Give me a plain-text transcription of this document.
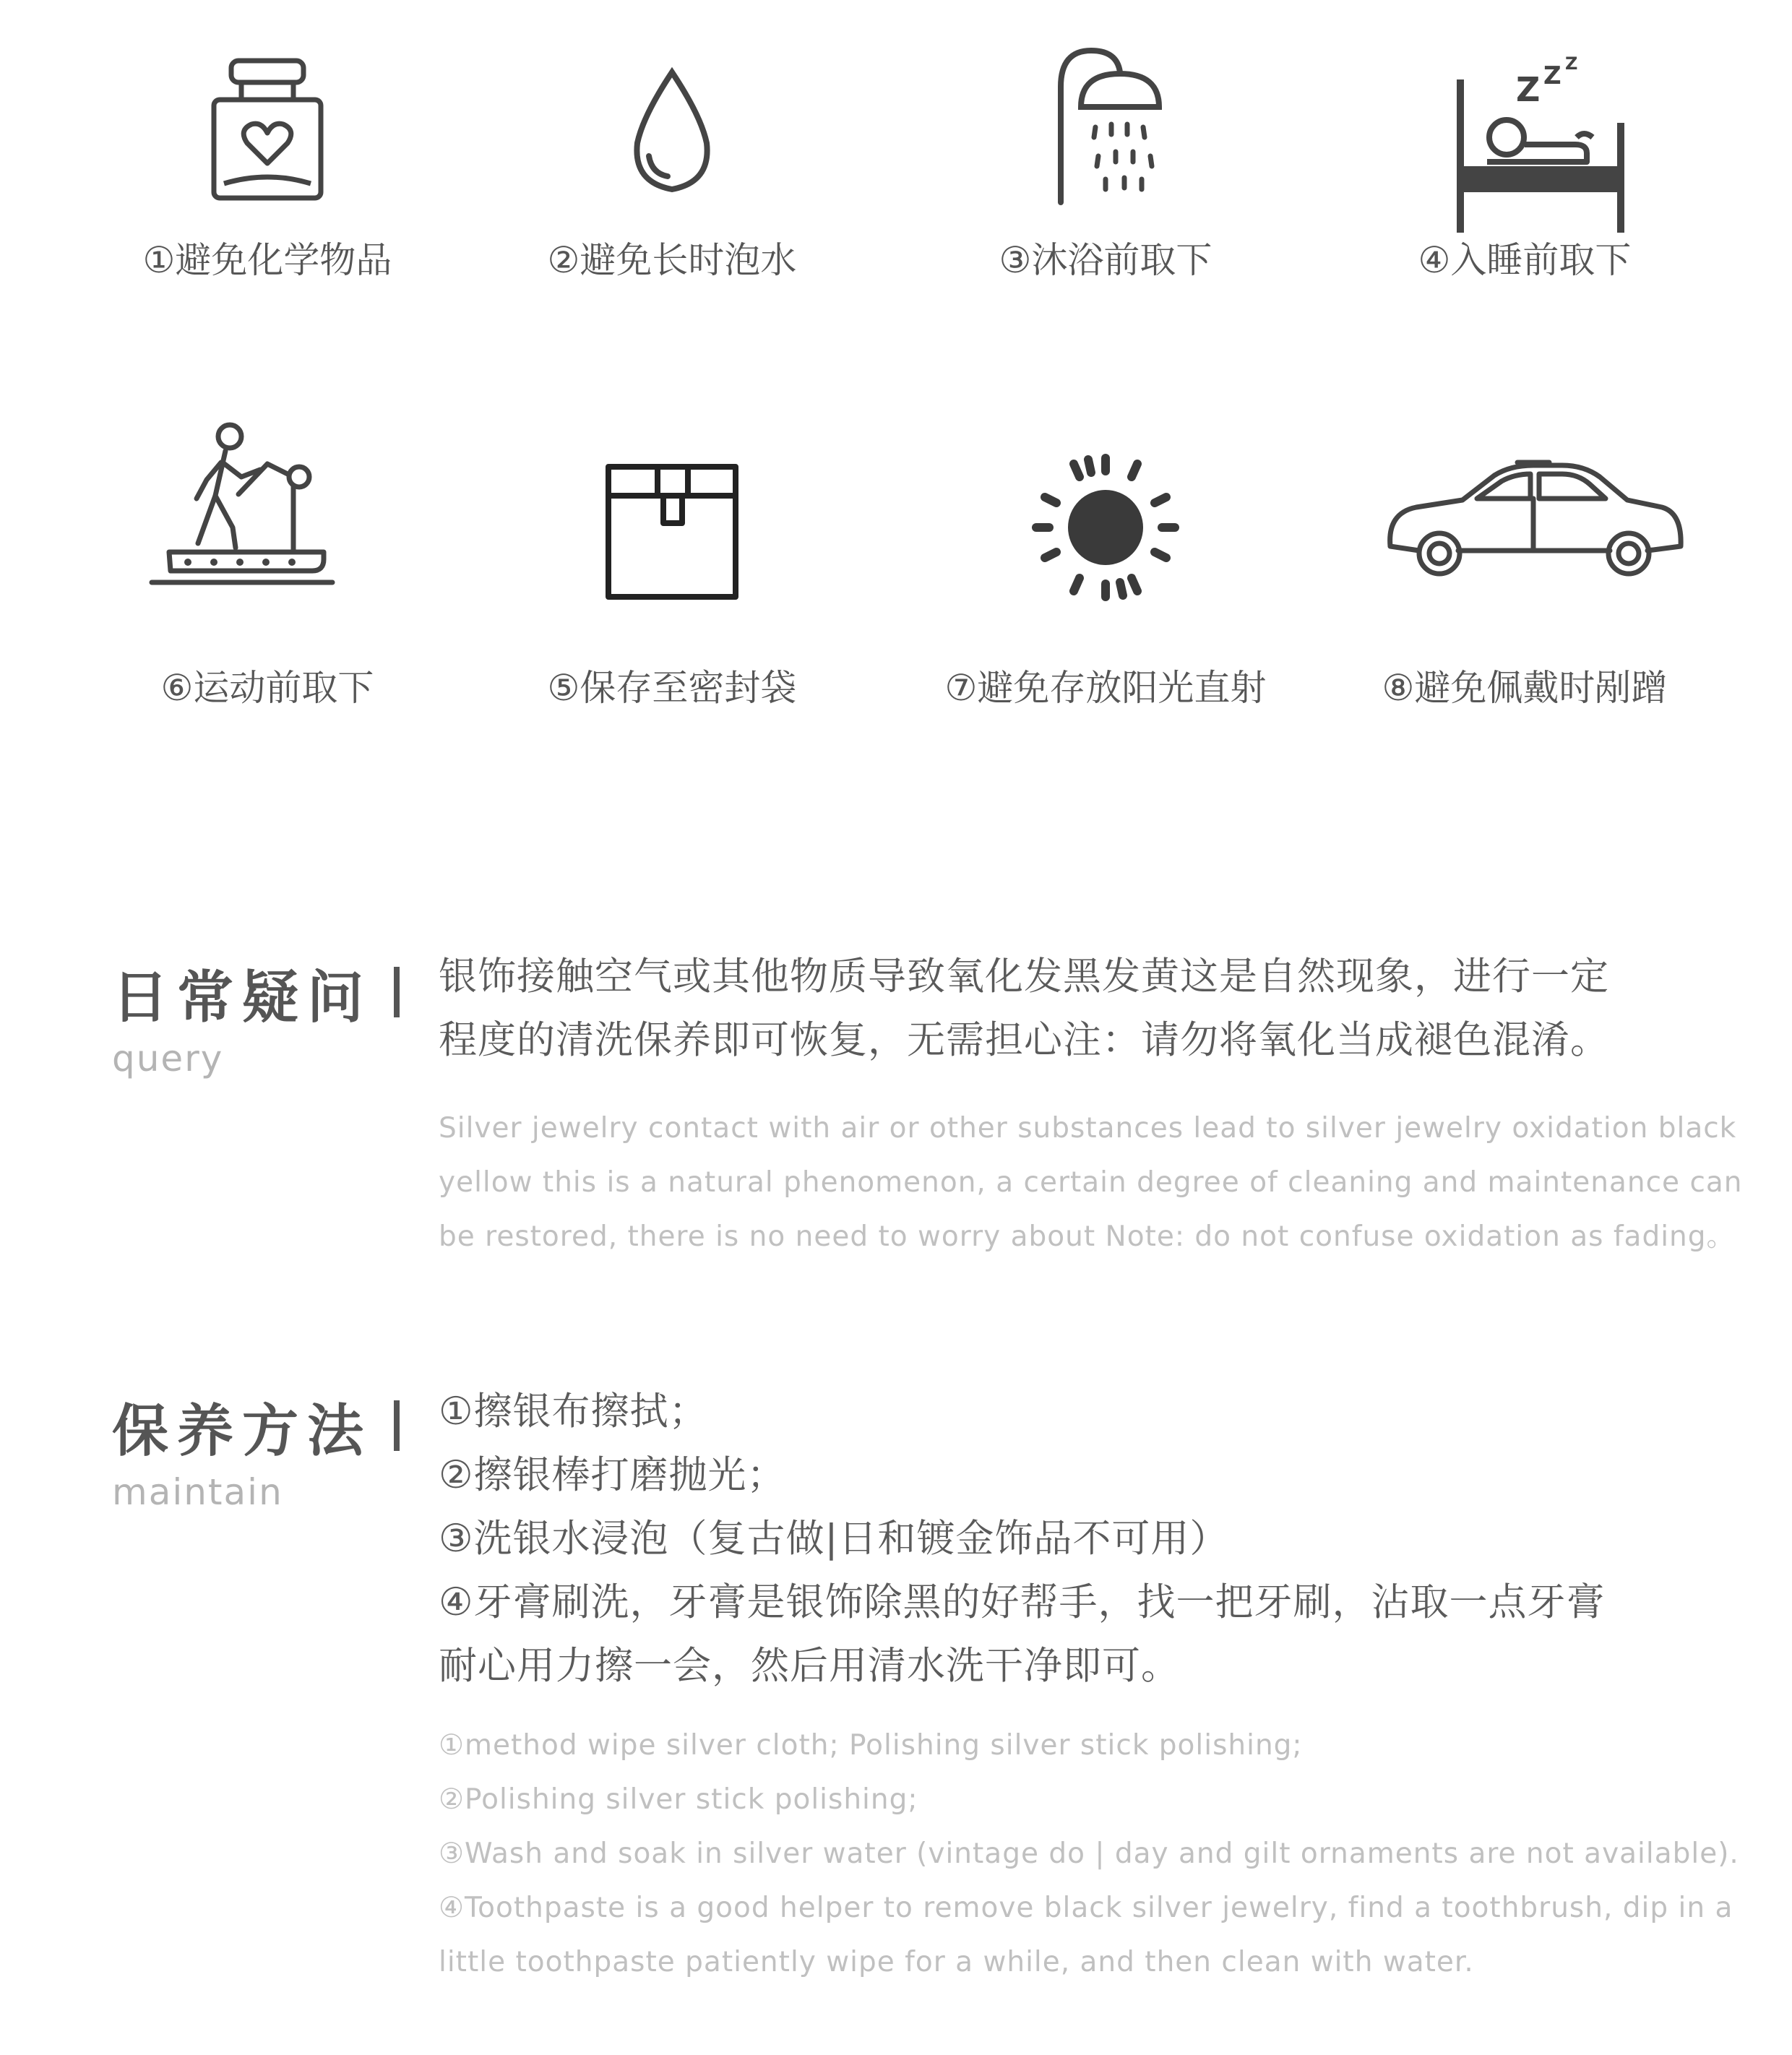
①避免化学物品	②避免长时泡水	③沐浴前取下
Z Z Z
④入睡前取下
⑥运动前取下	⑤保存至密封袋	⑦避免存放阳光直射	⑧避免佩戴时剐蹭
日常疑问
query
银饰接触空气或其他物质导致氧化发黑发黄这是自然现象，进行一定
程度的清洗保养即可恢复，无需担心注：请勿将氧化当成褪色混淆。
Silver jewelry contact with air or other substances lead to silver jewelry oxidation black
yellow this is a natural phenomenon, a certain degree of cleaning and maintenance can
be restored, there is no need to worry about Note: do not confuse oxidation as fading。
保养方法
maintain
①擦银布擦拭；
②擦银棒打磨抛光；
③洗银水浸泡（复古做|日和镀金饰品不可用）
④牙膏刷洗，牙膏是银饰除黑的好帮手，找一把牙刷，沾取一点牙膏
耐心用力擦一会，然后用清水洗干净即可。
①method wipe silver cloth; Polishing silver stick polishing;
②Polishing silver stick polishing;
③Wash and soak in silver water (vintage do | day and gilt ornaments are not available).
④Toothpaste is a good helper to remove black silver jewelry, find a toothbrush, dip in a
little toothpaste patiently wipe for a while, and then clean with water.
